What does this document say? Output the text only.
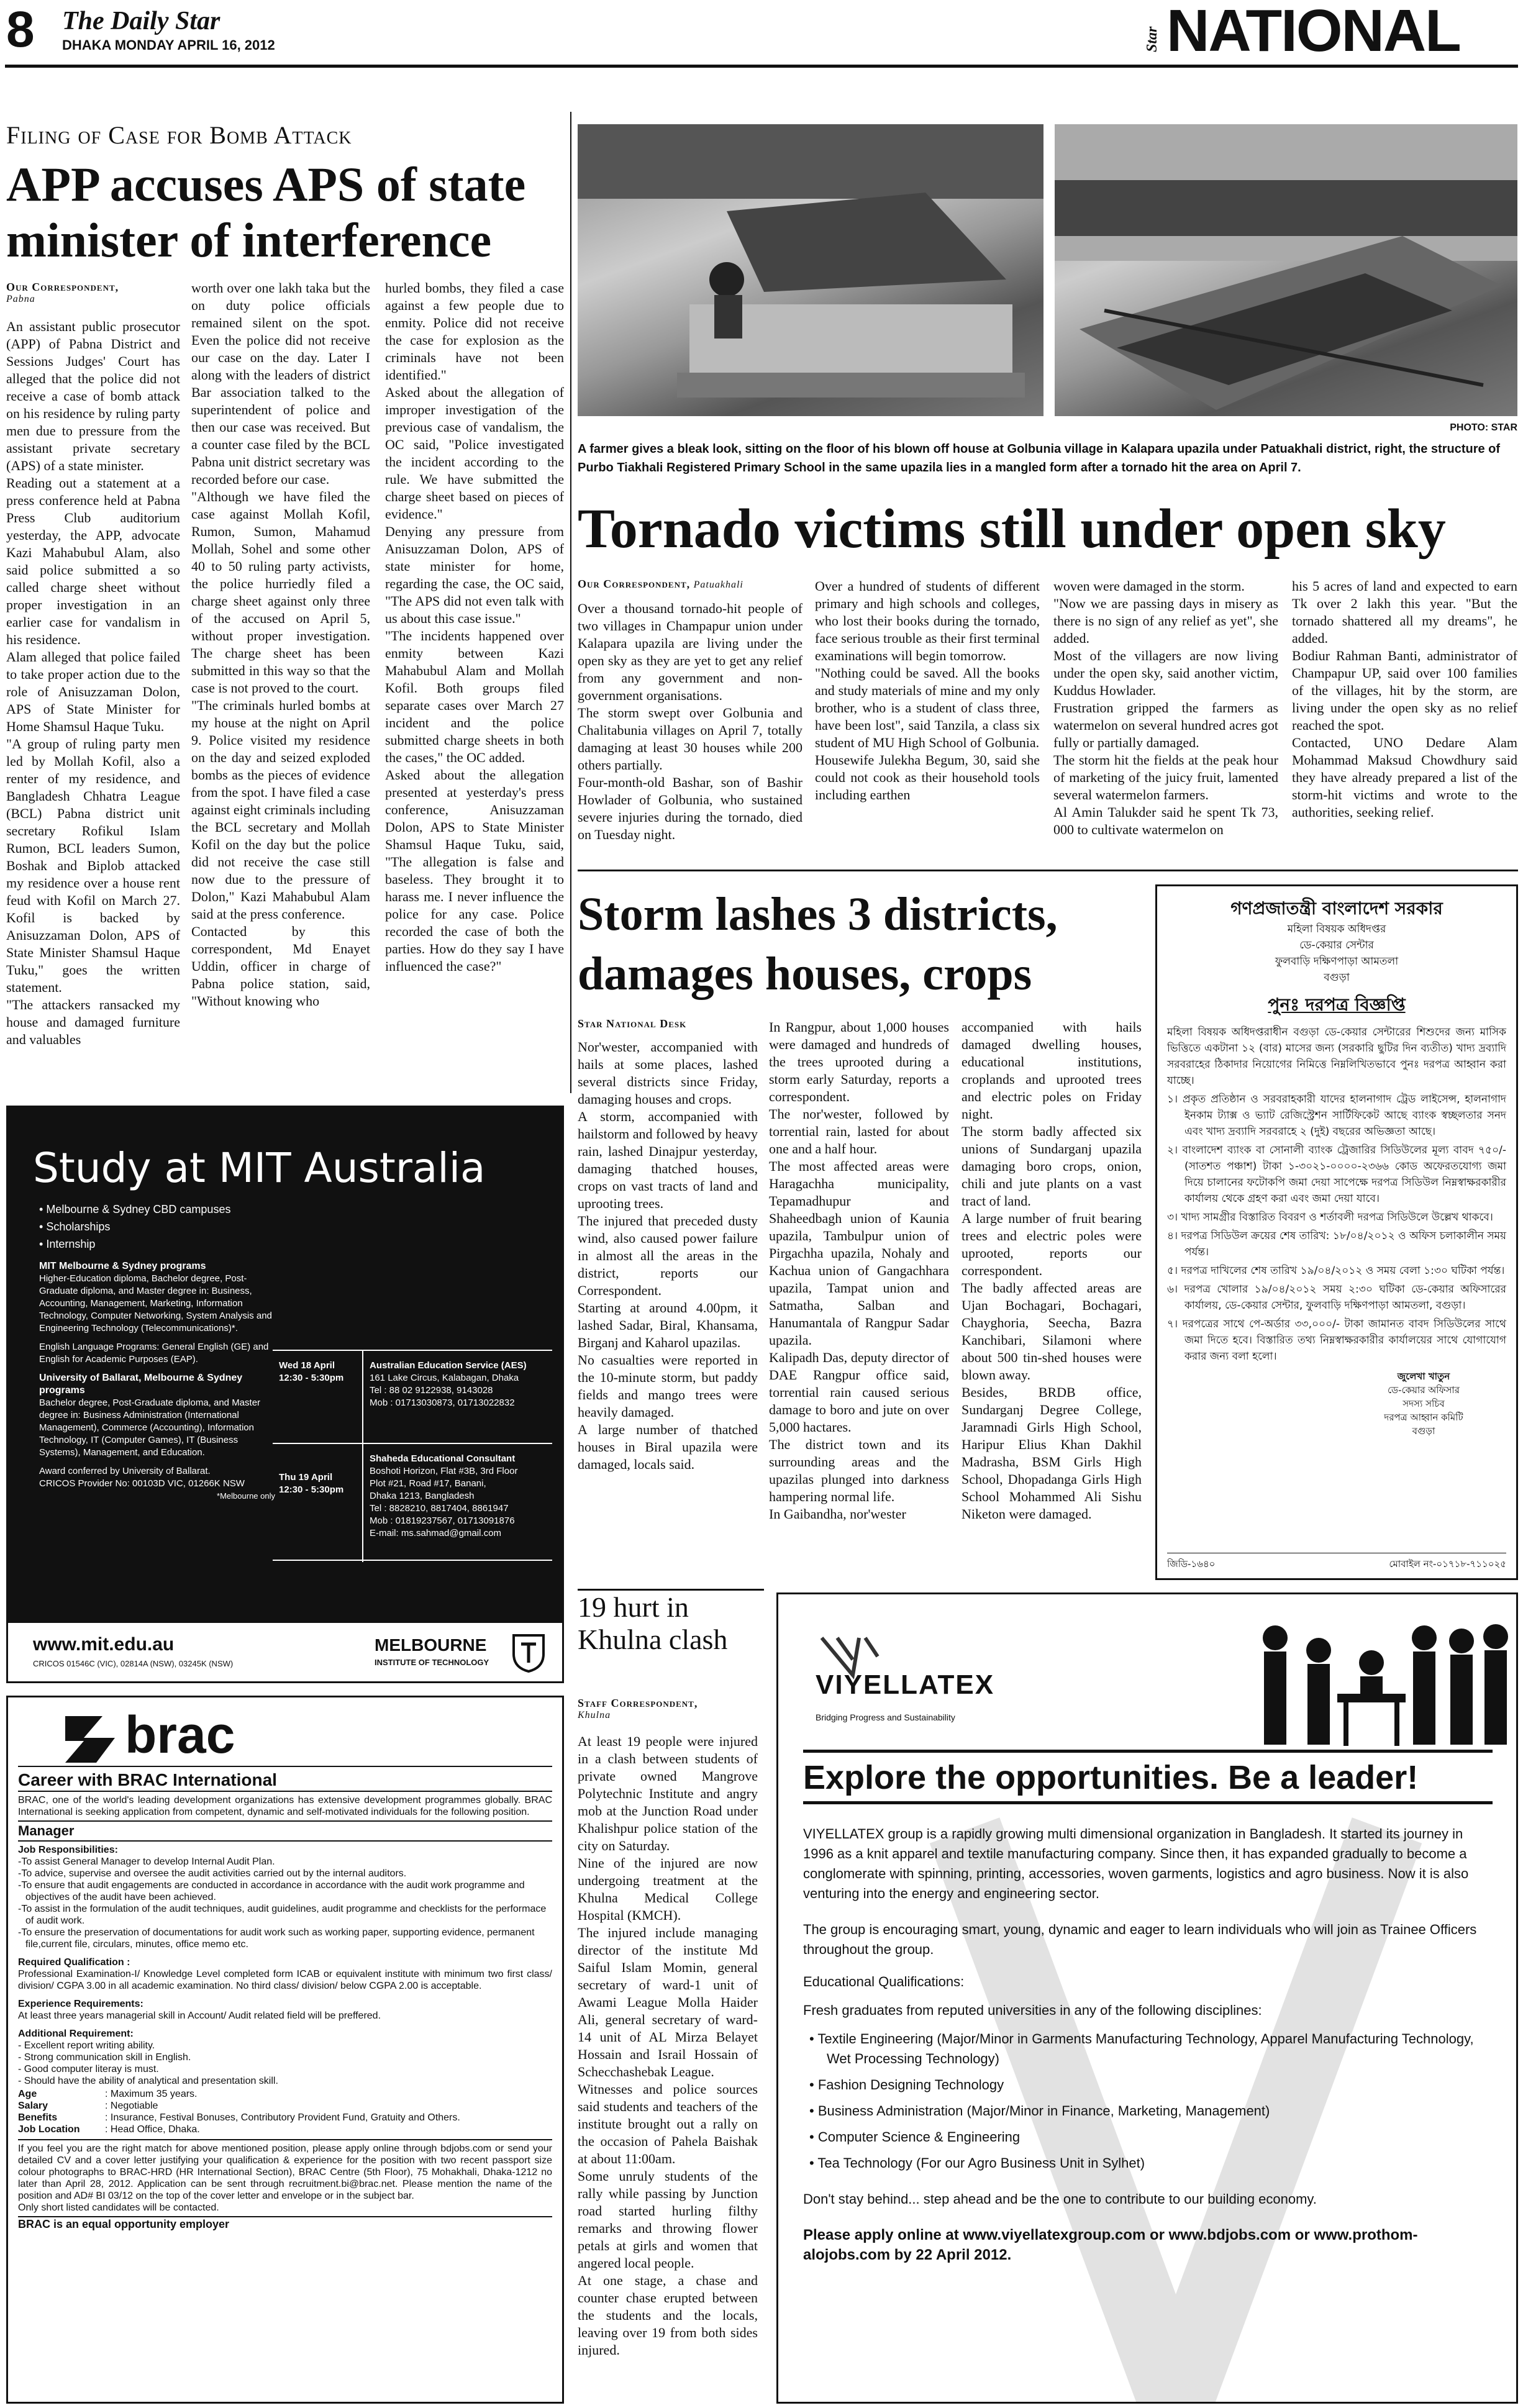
8	The Daily Star
DHAKA MONDAY APRIL 16, 2012	Star NATIONAL
Filing of Case for Bomb Attack
APP accuses APS of state minister of interference
Our Correspondent,
Pabna
An assistant public prosecutor (APP) of Pabna District and Sessions Judges' Court has alleged that the police did not receive a case of bomb attack on his residence by ruling party men due to pressure from the assistant private secretary (APS) of a state minister.
Reading out a statement at a press conference held at Pabna Press Club auditorium yesterday, the APP, advocate Kazi Mahabubul Alam, also said police submitted a so called charge sheet without proper investigation in an earlier case for vandalism in his residence.
Alam alleged that police failed to take proper action due to the role of Anisuzzaman Dolon, APS of State Minister for Home Shamsul Haque Tuku.
"A group of ruling party men led by Mollah Kofil, also a renter of my residence, and Bangladesh Chhatra League (BCL) Pabna district unit secretary Rofikul Islam Rumon, BCL leaders Sumon, Boshak and Biplob attacked my residence over a house rent feud with Kofil on March 27. Kofil is backed by Anisuzzaman Dolon, APS of State Minister Shamsul Haque Tuku," goes the written statement.
"The attackers ransacked my house and damaged furniture and valuables
worth over one lakh taka but the on duty police officials remained silent on the spot. Even the police did not receive our case on the day. Later I along with the leaders of district Bar association talked to the superintendent of police and then our case was received. But a counter case filed by the BCL Pabna unit district secretary was recorded before our case.
"Although we have filed the case against Mollah Kofil, Rumon, Sumon, Mahamud Mollah, Sohel and some other 40 to 50 ruling party activists, the police hurriedly filed a charge sheet against only three of the accused on April 5, without proper investigation. The charge sheet has been submitted in this way so that the case is not proved to the court.
"The criminals hurled bombs at my house at the night on April 9. Police visited my residence on the day and seized exploded bombs as the pieces of evidence from the spot. I have filed a case against eight criminals including the BCL secretary and Mollah Kofil on the day but the police did not receive the case still now due to the pressure of Dolon," Kazi Mahabubul Alam said at the press conference.
Contacted by this correspondent, Md Enayet Uddin, officer in charge of Pabna police station, said, "Without knowing who
hurled bombs, they filed a case against a few people due to enmity. Police did not receive the case for explosion as the criminals have not been identified."
Asked about the allegation of improper investigation of the previous case of vandalism, the OC said, "Police investigated the incident according to the rule. We have submitted the charge sheet based on pieces of evidence."
Denying any pressure from Anisuzzaman Dolon, APS of state minister for home, regarding the case, the OC said, "The APS did not even talk with us about this case issue."
"The incidents happened over enmity between Kazi Mahabubul Alam and Mollah Kofil. Both groups filed separate cases over March 27 incident and the police submitted charge sheets in both the cases," the OC added.
Asked about the allegation presented at yesterday's press conference, Anisuzzaman Dolon, APS to State Minister Shamsul Haque Tuku, said, "The allegation is false and baseless. They brought it to harass me. I never influence the police for any case. Police recorded the case of both the parties. How do they say I have influenced the case?"
PHOTO: STAR
A farmer gives a bleak look, sitting on the floor of his blown off house at Golbunia village in Kalapara upazila under Patuakhali district, right, the structure of Purbo Tiakhali Registered Primary School in the same upazila lies in a mangled form after a tornado hit the area on April 7.
Tornado victims still under open sky
Our Correspondent, Patuakhali
Over a thousand tornado-hit people of two villages in Champapur union under Kalapara upazila are living under the open sky as they are yet to get any relief from any government and non-government organisations.
The storm swept over Golbunia and Chalitabunia villages on April 7, totally damaging at least 30 houses while 200 others partially.
Four-month-old Bashar, son of Bashir Howlader of Golbunia, who sustained severe injuries during the tornado, died on Tuesday night.
Over a hundred of students of different primary and high schools and colleges, who lost their books during the tornado, face serious trouble as their first terminal examinations will begin tomorrow.
"Nothing could be saved. All the books and study materials of mine and my only brother, who is a student of class three, have been lost", said Tanzila, a class six student of MU High School of Golbunia.
Housewife Julekha Begum, 30, said she could not cook as their household tools including earthen
woven were damaged in the storm.
"Now we are passing days in misery as there is no sign of any relief as yet", she added.
Most of the villagers are now living under the open sky, said another victim, Kuddus Howlader.
Frustration gripped the farmers as watermelon on several hundred acres got fully or partially damaged.
The storm hit the fields at the peak hour of marketing of the juicy fruit, lamented several watermelon farmers.
Al Amin Talukder said he spent Tk 73, 000 to cultivate watermelon on
his 5 acres of land and expected to earn Tk over 2 lakh this year. "But the tornado shattered all my dreams", he added.
Bodiur Rahman Banti, administrator of Champapur UP, said over 100 families of the villages, hit by the storm, are living under the open sky as no relief reached the spot.
Contacted, UNO Dedare Alam Mohammad Maksud Chowdhury said they have already prepared a list of the storm-hit victims and wrote to the authorities, seeking relief.
Storm lashes 3 districts, damages houses, crops
Star National Desk
Nor'wester, accompanied with hails at some places, lashed several districts since Friday, damaging houses and crops.
A storm, accompanied with hailstorm and followed by heavy rain, lashed Dinajpur yesterday, damaging thatched houses, crops on vast tracts of land and uprooting trees.
The injured that preceded dusty wind, also caused power failure in almost all the areas in the district, reports our Correspondent.
Starting at around 4.00pm, it lashed Sadar, Biral, Khansama, Birganj and Kaharol upazilas.
No casualties were reported in the 10-minute storm, but paddy fields and mango trees were heavily damaged.
A large number of thatched houses in Biral upazila were damaged, locals said.
In Rangpur, about 1,000 houses were damaged and hundreds of the trees uprooted during a storm early Saturday, reports a correspondent.
The nor'wester, followed by torrential rain, lasted for about one and a half hour.
The most affected areas were Haragachha municipality, Tepamadhupur and Shaheedbagh union of Kaunia upazila, Tambulpur union of Pirgachha upazila, Nohaly and Kachua union of Gangachhara upazila, Tampat union and Satmatha, Salban and Hanumantala of Rangpur Sadar upazila.
Kalipadh Das, deputy director of DAE Rangpur office said, torrential rain caused serious damage to boro and jute on over 5,000 hactares.
The district town and its surrounding areas and the upazilas plunged into darkness hampering normal life.
In Gaibandha, nor'wester
accompanied with hails damaged dwelling houses, educational institutions, croplands and uprooted trees and electric poles on Friday night.
The storm badly affected six unions of Sundarganj upazila damaging boro crops, onion, chili and jute plants on a vast tract of land.
A large number of fruit bearing trees and electric poles were uprooted, reports our correspondent.
The badly affected areas are Ujan Bochagari, Bochagari, Chayghoria, Seecha, Bazra Kanchibari, Silamoni where about 500 tin-shed houses were blown away.
Besides, BRDB office, Sundarganj Degree College, Jaramnadi Girls High School, Haripur Elius Khan Dakhil Madrasha, BSM Girls High School, Dhopadanga Girls High School Mohammed Ali Sishu Niketon were damaged.
গণপ্রজাতন্ত্রী বাংলাদেশ সরকার
মহিলা বিষয়ক অধিদপ্তর
ডে-কেয়ার সেন্টার
ফুলবাড়ি দক্ষিণপাড়া আমতলা
বগুড়া
পুনঃ দরপত্র বিজ্ঞপ্তি
মহিলা বিষয়ক অধিদপ্তরাধীন বগুড়া ডে-কেয়ার সেন্টারের শিশুদের জন্য মাসিক ভিত্তিতে একটানা ১২ (বার) মাসের জন্য (সরকারি ছুটির দিন ব্যতীত) খাদ্য দ্রব্যাদি সরবরাহের ঠিকাদার নিয়োগের নিমিত্তে নিম্নলিখিতভাবে পুনঃ দরপত্র আহ্বান করা যাচ্ছে।
১। প্রকৃত প্রতিষ্ঠান ও সরবরাহকারী যাদের হালনাগাদ ট্রেড লাইসেন্স, হালনাগাদ ইনকাম ট্যাক্স ও ভ্যাট রেজিস্ট্রেশন সার্টিফিকেট আছে ব্যাংক স্বচ্ছলতার সনদ এবং খাদ্য দ্রব্যাদি সরবরাহে ২ (দুই) বছরের অভিজ্ঞতা আছে।
২। বাংলাদেশ ব্যাংক বা সোনালী ব্যাংক ট্রেজারির সিডিউলের মূল্য বাবদ ৭৫০/- (সাতশত পঞ্চাশ) টাকা ১-৩০২১-০০০০-২৩৬৬ কোড অফেরতযোগ্য জমা দিয়ে চালানের ফটোকপি জমা দেয়া সাপেক্ষে দরপত্র সিডিউল নিম্নস্বাক্ষরকারীর কার্যালয় থেকে গ্রহণ করা এবং জমা দেয়া যাবে।
৩। খাদ্য সামগ্রীর বিস্তারিত বিবরণ ও শর্তাবলী দরপত্র সিডিউলে উল্লেখ থাকবে।
৪। দরপত্র সিডিউল ক্রয়ের শেষ তারিখ: ১৮/০৪/২০১২ ও অফিস চলাকালীন সময় পর্যন্ত।
৫। দরপত্র দাখিলের শেষ তারিখ ১৯/০৪/২০১২ ও সময় বেলা ১:৩০ ঘটিকা পর্যন্ত।
৬। দরপত্র খোলার ১৯/০৪/২০১২ সময় ২:৩০ ঘটিকা ডে-কেয়ার অফিসারের কার্যালয়, ডে-কেয়ার সেন্টার, ফুলবাড়ি দক্ষিণপাড়া আমতলা, বগুড়া।
৭। দরপত্রের সাথে পে-অর্ডার ৩৩,০০০/- টাকা জামানত বাবদ সিডিউলের সাথে জমা দিতে হবে। বিস্তারিত তথ্য নিম্নস্বাক্ষরকারীর কার্যালয়ের সাথে যোগাযোগ করার জন্য বলা হলো।
জুলেখা খাতুন
ডে-কেয়ার অফিসার
সদস্য সচিব
দরপত্র আহ্বান কমিটি
বগুড়া
জিডি-১৬৪০	মোবাইল নং-০১৭১৮-৭১১০২৫
19 hurt in Khulna clash
Staff Correspondent,
Khulna
At least 19 people were injured in a clash between students of private owned Mangrove Polytechnic Institute and angry mob at the Junction Road under Khalishpur police station of the city on Saturday.
Nine of the injured are now undergoing treatment at the Khulna Medical College Hospital (KMCH).
The injured include managing director of the institute Md Saiful Islam Momin, general secretary of ward-1 unit of Awami League Molla Haider Ali, general secretary of ward-14 unit of AL Mirza Belayet Hossain and Israil Hossain of Schecchashebak League.
Witnesses and police sources said students and teachers of the institute brought out a rally on the occasion of Pahela Baishak at about 11:00am.
Some unruly students of the rally while passing by Junction road started hurling filthy remarks and throwing flower petals at girls and women that angered local people.
At one stage, a chase and counter chase erupted between the students and the locals, leaving over 19 from both sides injured.
Study at MIT Australia
• Melbourne & Sydney CBD campuses
• Scholarships
• Internship
MIT Melbourne & Sydney programs
Higher-Education diploma, Bachelor degree, Post-Graduate diploma, and Master degree in: Business, Accounting, Management, Marketing, Information Technology, Computer Networking, System Analysis and Engineering Technology (Telecommunications)*.
English Language Programs: General English (GE) and English for Academic Purposes (EAP).
University of Ballarat, Melbourne & Sydney programs
Bachelor degree, Post-Graduate diploma, and Master degree in: Business Administration (International Management), Commerce (Accounting), Information Technology, IT (Computer Games), IT (Business Systems), Management, and Education.
Award conferred by University of Ballarat.
CRICOS Provider No: 00103D VIC, 01266K NSW
*Melbourne only
Wed 18 April
12:30 - 5:30pm
Australian Education Service (AES)
161 Lake Circus, Kalabagan, Dhaka
Tel : 88 02 9122938, 9143028
Mob : 01713030873, 01713022832
Thu 19 April
12:30 - 5:30pm
Shaheda Educational Consultant
Boshoti Horizon, Flat #3B, 3rd Floor
Plot #21, Road #17, Banani,
Dhaka 1213, Bangladesh
Tel : 8828210, 8817404, 8861947
Mob : 01819237567, 01713091876
E-mail: ms.sahmad@gmail.com
www.mit.edu.au
CRICOS 01546C (VIC), 02814A (NSW), 03245K (NSW)
MELBOURNE
INSTITUTE OF TECHNOLOGY
brac
Career with BRAC International
BRAC, one of the world's leading development organizations has extensive development programmes globally. BRAC International is seeking application from competent, dynamic and self-motivated individuals for the following position.
Manager
Job Responsibilities:
-To assist General Manager to develop Internal Audit Plan.
-To advice, supervise and oversee the audit activities carried out by the internal auditors.
-To ensure that audit engagements are conducted in accordance in accordance with the audit work programme and objectives of the audit have been achieved.
-To assist in the formulation of the audit techniques, audit guidelines, audit programme and checklists for the performace of audit work.
-To ensure the preservation of documentations for audit work such as working paper, supporting evidence, permanent file,current file, circulars, minutes, office memo etc.
Required Qualification :
Professional Examination-I/ Knowledge Level completed form ICAB or equivalent institute with minimum two first class/ division/ CGPA 3.00 in all academic examination. No third class/ division/ below CGPA 2.00 is acceptable.
Experience Requirements:
At least three years managerial skill in Account/ Audit related field will be preffered.
Additional Requirement:
- Excellent report writing ability.
- Strong communication skill in English.
- Good computer literay is must.
- Should have the ability of analytical and presentation skill.
Age	: Maximum 35 years.
Salary	: Negotiable
Benefits	: Insurance, Festival Bonuses, Contributory Provident Fund, Gratuity and Others.
Job Location	: Head Office, Dhaka.
If you feel you are the right match for above mentioned position, please apply online through bdjobs.com or send your detailed CV and a cover letter justifying your qualification & experience for the position with two recent passport size colour photographs to BRAC-HRD (HR International Section), BRAC Centre (5th Floor), 75 Mohakhali, Dhaka-1212 no later than April 28, 2012. Application can be sent through recruitment.bi@brac.net. Please mention the name of the position and AD# BI 03/12 on the top of the cover letter and envelope or in the subject bar.
Only short listed candidates will be contacted.
BRAC is an equal opportunity employer
VIYELLATEX
Bridging Progress and Sustainability
Explore the opportunities. Be a leader!
VIYELLATEX group is a rapidly growing multi dimensional organization in Bangladesh. It started its journey in 1996 as a knit apparel and textile manufacturing company. Since then, it has expanded gradually to become a conglomerate with spinning, printing, accessories, woven garments, logistics and agro business. Now it is also venturing into the energy and engineering sector.
The group is encouraging smart, young, dynamic and eager to learn individuals who will join as Trainee Officers throughout the group.
Educational Qualifications:
Fresh graduates from reputed universities in any of the following disciplines:
• Textile Engineering (Major/Minor in Garments Manufacturing Technology, Apparel Manufacturing Technology, Wet Processing Technology)
• Fashion Designing Technology
• Business Administration (Major/Minor in Finance, Marketing, Management)
• Computer Science & Engineering
• Tea Technology (For our Agro Business Unit in Sylhet)
Don't stay behind... step ahead and be the one to contribute to our building economy.
Please apply online at www.viyellatexgroup.com or www.bdjobs.com or www.prothom-alojobs.com by 22 April 2012.
